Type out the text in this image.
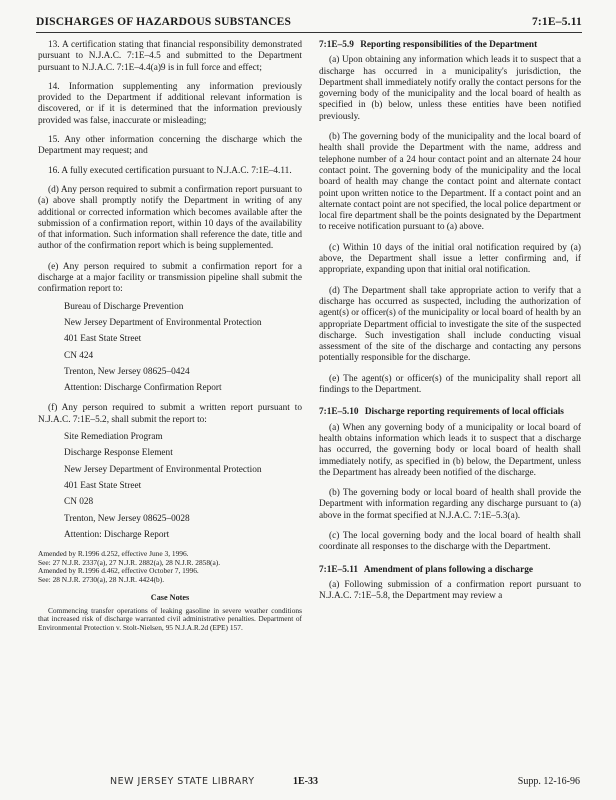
DISCHARGES OF HAZARDOUS SUBSTANCES	7:1E–5.11
13. A certification stating that financial responsibility demonstrated pursuant to N.J.A.C. 7:1E–4.5 and submitted to the Department pursuant to N.J.A.C. 7:1E–4.4(a)9 is in full force and effect;
14. Information supplementing any information previously provided to the Department if additional relevant information is discovered, or if it is determined that the information previously provided was false, inaccurate or misleading;
15. Any other information concerning the discharge which the Department may request; and
16. A fully executed certification pursuant to N.J.A.C. 7:1E–4.11.

(d) Any person required to submit a confirmation report pursuant to (a) above shall promptly notify the Department in writing of any additional or corrected information which becomes available after the submission of a confirmation report, within 10 days of the availability of that information. Such information shall reference the date, title and author of the confirmation report which is being supplemented.

(e) Any person required to submit a confirmation report for a discharge at a major facility or transmission pipeline shall submit the confirmation report to:

Bureau of Discharge Prevention
New Jersey Department of Environmental Protection
401 East State Street
CN 424
Trenton, New Jersey 08625–0424
Attention: Discharge Confirmation Report

(f) Any person required to submit a written report pursuant to N.J.A.C. 7:1E–5.2, shall submit the report to:

Site Remediation Program
Discharge Response Element
New Jersey Department of Environmental Protection
401 East State Street
CN 028
Trenton, New Jersey 08625–0028
Attention: Discharge Report
Amended by R.1996 d.252, effective June 3, 1996.
See: 27 N.J.R. 2337(a), 27 N.J.R. 2882(a), 28 N.J.R. 2858(a).
Amended by R.1996 d.462, effective October 7, 1996.
See: 28 N.J.R. 2730(a), 28 N.J.R. 4424(b).
Case Notes
Commencing transfer operations of leaking gasoline in severe weather conditions that increased risk of discharge warranted civil administrative penalties. Department of Environmental Protection v. Stolt-Nielsen, 95 N.J.A.R.2d (EPE) 157.
7:1E–5.9 Reporting responsibilities of the Department

(a) Upon obtaining any information which leads it to suspect that a discharge has occurred in a municipality's jurisdiction, the Department shall immediately notify orally the contact persons for the governing body of the municipality and the local board of health as specified in (b) below, unless these entities have been notified previously.

(b) The governing body of the municipality and the local board of health shall provide the Department with the name, address and telephone number of a 24 hour contact point and an alternate 24 hour contact point. The governing body of the municipality and the local board of health may change the contact point and alternate contact point upon written notice to the Department. If a contact point and an alternate contact point are not specified, the local police department or local fire department shall be the points designated by the Department to receive notification pursuant to (a) above.

(c) Within 10 days of the initial oral notification required by (a) above, the Department shall issue a letter confirming and, if appropriate, expanding upon that initial oral notification.

(d) The Department shall take appropriate action to verify that a discharge has occurred as suspected, including the authorization of agent(s) or officer(s) of the municipality or local board of health by an appropriate Department official to investigate the site of the suspected discharge. Such investigation shall include conducting visual assessment of the site of the discharge and contacting any persons potentially responsible for the discharge.

(e) The agent(s) or officer(s) of the municipality shall report all findings to the Department.

7:1E–5.10 Discharge reporting requirements of local officials

(a) When any governing body of a municipality or local board of health obtains information which leads it to suspect that a discharge has occurred, the governing body or local board of health shall immediately notify, as specified in (b) below, the Department, unless the Department has already been notified of the discharge.

(b) The governing body or local board of health shall provide the Department with information regarding any discharge pursuant to (a) above in the format specified at N.J.A.C. 7:1E–5.3(a).

(c) The local governing body and the local board of health shall coordinate all responses to the discharge with the Department.

7:1E–5.11 Amendment of plans following a discharge

(a) Following submission of a confirmation report pursuant to N.J.A.C. 7:1E–5.8, the Department may review a

NEW JERSEY STATE LIBRARY	1E-33	Supp. 12-16-96
